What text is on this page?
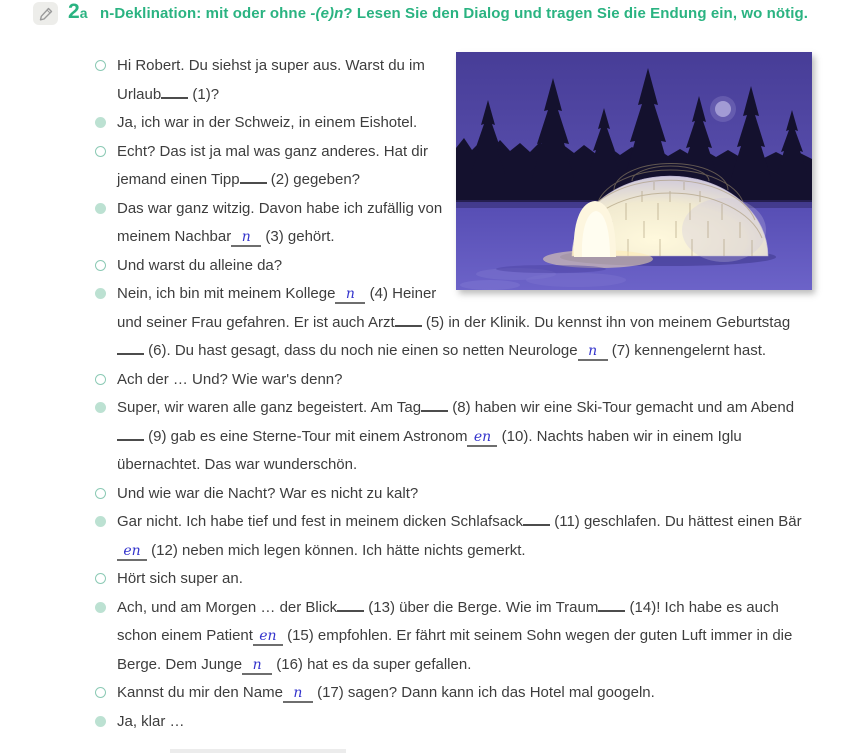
2a n-Deklination: mit oder ohne -(e)n? Lesen Sie den Dialog und tragen Sie die Endung ein, wo nötig.
Hi Robert. Du siehst ja super aus. Warst du im Urlaub (1)?
Ja, ich war in der Schweiz, in einem Eishotel.
Echt? Das ist ja mal was ganz anderes. Hat dir jemand einen Tipp (2) gegeben?
Das war ganz witzig. Davon habe ich zufällig von meinem Nachbar n (3) gehört.
Und warst du alleine da?
Nein, ich bin mit meinem Kollege n (4) Heiner und seiner Frau gefahren. Er ist auch Arzt (5) in der Klinik. Du kennst ihn von meinem Geburtstag (6). Du hast gesagt, dass du noch nie einen so netten Neurologe n (7) kennengelernt hast.
Ach der … Und? Wie war's denn?
Super, wir waren alle ganz begeistert. Am Tag (8) haben wir eine Ski-Tour gemacht und am Abend (9) gab es eine Sterne-Tour mit einem Astronom en (10). Nachts haben wir in einem Iglu übernachtet. Das war wunderschön.
Und wie war die Nacht? War es nicht zu kalt?
Gar nicht. Ich habe tief und fest in meinem dicken Schlafsack (11) geschlafen. Du hättest einen Bären (12) neben mich legen können. Ich hätte nichts gemerkt.
Hört sich super an.
Ach, und am Morgen … der Blick (13) über die Berge. Wie im Traum (14)! Ich habe es auch schon einem Patient en (15) empfohlen. Er fährt mit seinem Sohn wegen der guten Luft immer in die Berge. Dem Junge n (16) hat es da super gefallen.
Kannst du mir den Name n (17) sagen? Dann kann ich das Hotel mal googeln.
Ja, klar …
